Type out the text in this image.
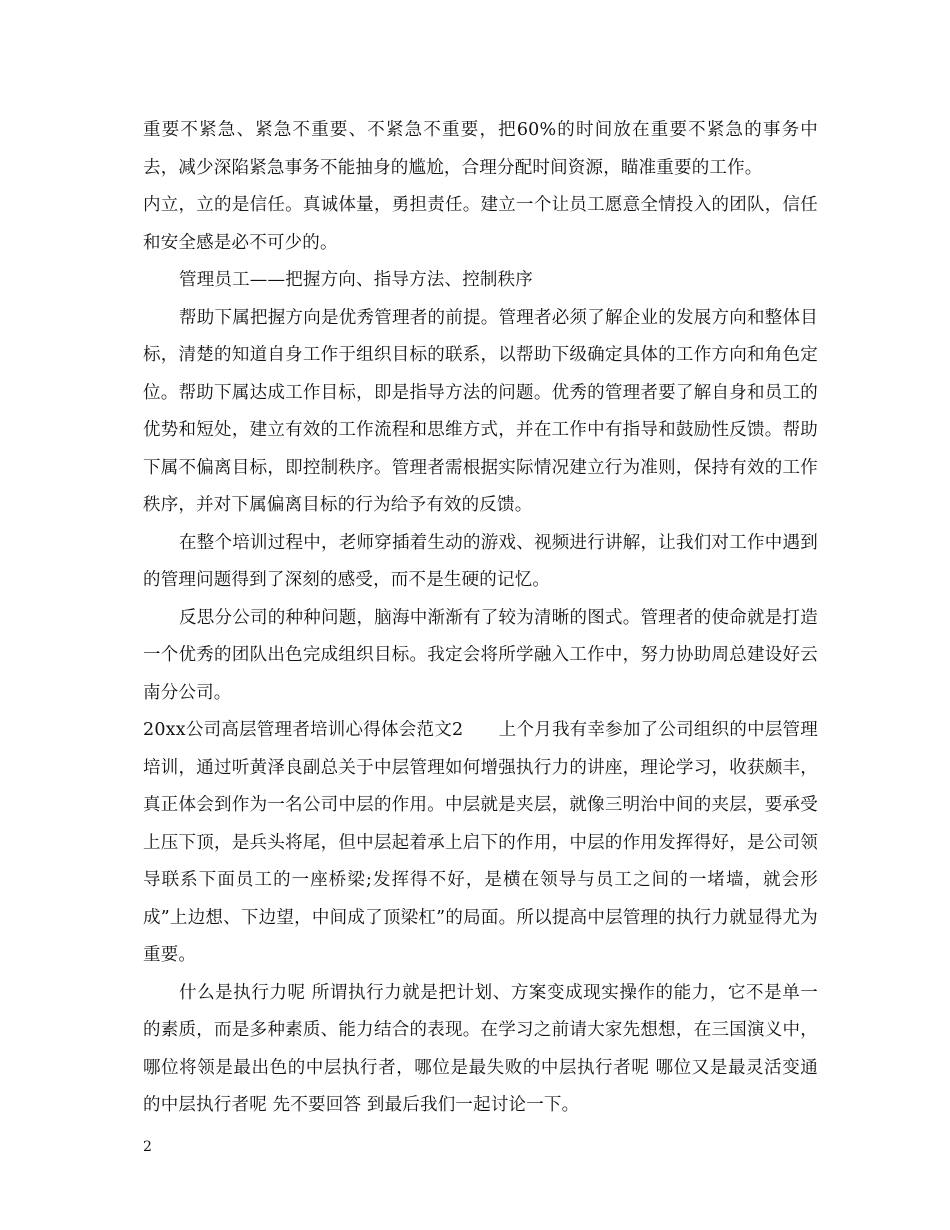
重要不紧急、紧急不重要、不紧急不重要，把60%的时间放在重要不紧急的事务中去，减少深陷紧急事务不能抽身的尴尬，合理分配时间资源，瞄准重要的工作。

内立，立的是信任。真诚体量，勇担责任。建立一个让员工愿意全情投入的团队，信任和安全感是必不可少的。

管理员工——把握方向、指导方法、控制秩序

帮助下属把握方向是优秀管理者的前提。管理者必须了解企业的发展方向和整体目标，清楚的知道自身工作于组织目标的联系，以帮助下级确定具体的工作方向和角色定位。帮助下属达成工作目标，即是指导方法的问题。优秀的管理者要了解自身和员工的优势和短处，建立有效的工作流程和思维方式，并在工作中有指导和鼓励性反馈。帮助下属不偏离目标，即控制秩序。管理者需根据实际情况建立行为准则，保持有效的工作秩序，并对下属偏离目标的行为给予有效的反馈。

在整个培训过程中，老师穿插着生动的游戏、视频进行讲解，让我们对工作中遇到的管理问题得到了深刻的感受，而不是生硬的记忆。

反思分公司的种种问题，脑海中渐渐有了较为清晰的图式。管理者的使命就是打造一个优秀的团队出色完成组织目标。我定会将所学融入工作中，努力协助周总建设好云南分公司。

20xx公司高层管理者培训心得体会范文2   上个月我有幸参加了公司组织的中层管理培训，通过听黄泽良副总关于中层管理如何增强执行力的讲座，理论学习，收获颇丰，真正体会到作为一名公司中层的作用。中层就是夹层，就像三明治中间的夹层，要承受上压下顶，是兵头将尾，但中层起着承上启下的作用，中层的作用发挥得好，是公司领导联系下面员工的一座桥梁;发挥得不好，是横在领导与员工之间的一堵墙，就会形成”上边想、下边望，中间成了顶梁杠”的局面。所以提高中层管理的执行力就显得尤为重要。

什么是执行力呢 所谓执行力就是把计划、方案变成现实操作的能力，它不是单一的素质，而是多种素质、能力结合的表现。在学习之前请大家先想想，在三国演义中，哪位将领是最出色的中层执行者，哪位是最失败的中层执行者呢 哪位又是最灵活变通的中层执行者呢 先不要回答 到最后我们一起讨论一下。

2
